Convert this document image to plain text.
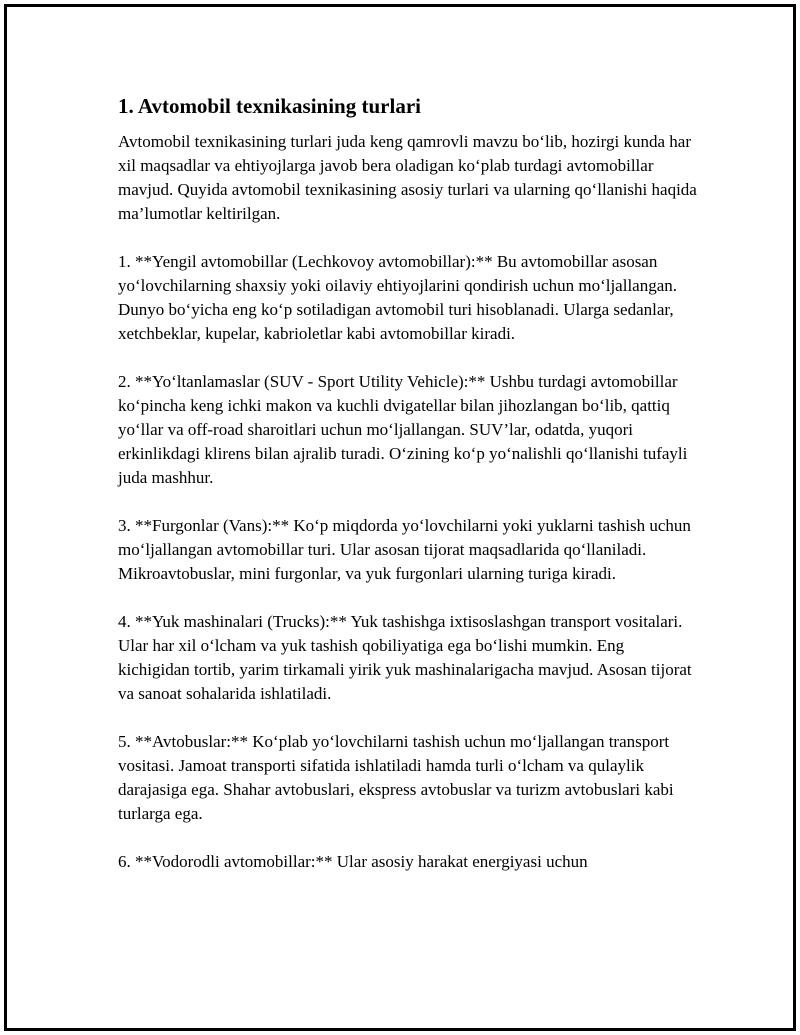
1. Avtomobil texnikasining turlari

Avtomobil texnikasining turlari juda keng qamrovli mavzu bo‘lib, hozirgi kunda har xil maqsadlar va ehtiyojlarga javob bera oladigan ko‘plab turdagi avtomobillar mavjud. Quyida avtomobil texnikasining asosiy turlari va ularning qo‘llanishi haqida ma’lumotlar keltirilgan.

1. **Yengil avtomobillar (Lechkovoy avtomobillar):** Bu avtomobillar asosan yo‘lovchilarning shaxsiy yoki oilaviy ehtiyojlarini qondirish uchun mo‘ljallangan. Dunyo bo‘yicha eng ko‘p sotiladigan avtomobil turi hisoblanadi. Ularga sedanlar, xetchbeklar, kupelar, kabrioletlar kabi avtomobillar kiradi.

2. **Yo‘ltanlamaslar (SUV - Sport Utility Vehicle):** Ushbu turdagi avtomobillar ko‘pincha keng ichki makon va kuchli dvigatellar bilan jihozlangan bo‘lib, qattiq yo‘llar va off-road sharoitlari uchun mo‘ljallangan. SUV’lar, odatda, yuqori erkinlikdagi klirens bilan ajralib turadi. O‘zining ko‘p yo‘nalishli qo‘llanishi tufayli juda mashhur.

3. **Furgonlar (Vans):** Ko‘p miqdorda yo‘lovchilarni yoki yuklarni tashish uchun mo‘ljallangan avtomobillar turi. Ular asosan tijorat maqsadlarida qo‘llaniladi. Mikroavtobuslar, mini furgonlar, va yuk furgonlari ularning turiga kiradi.

4. **Yuk mashinalari (Trucks):** Yuk tashishga ixtisoslashgan transport vositalari. Ular har xil o‘lcham va yuk tashish qobiliyatiga ega bo‘lishi mumkin. Eng kichigidan tortib, yarim tirkamali yirik yuk mashinalarigacha mavjud. Asosan tijorat va sanoat sohalarida ishlatiladi.

5. **Avtobuslar:** Ko‘plab yo‘lovchilarni tashish uchun mo‘ljallangan transport vositasi. Jamoat transporti sifatida ishlatiladi hamda turli o‘lcham va qulaylik darajasiga ega. Shahar avtobuslari, ekspress avtobuslar va turizm avtobuslari kabi turlarga ega.

6. **Vodorodli avtomobillar:** Ular asosiy harakat energiyasi uchun
